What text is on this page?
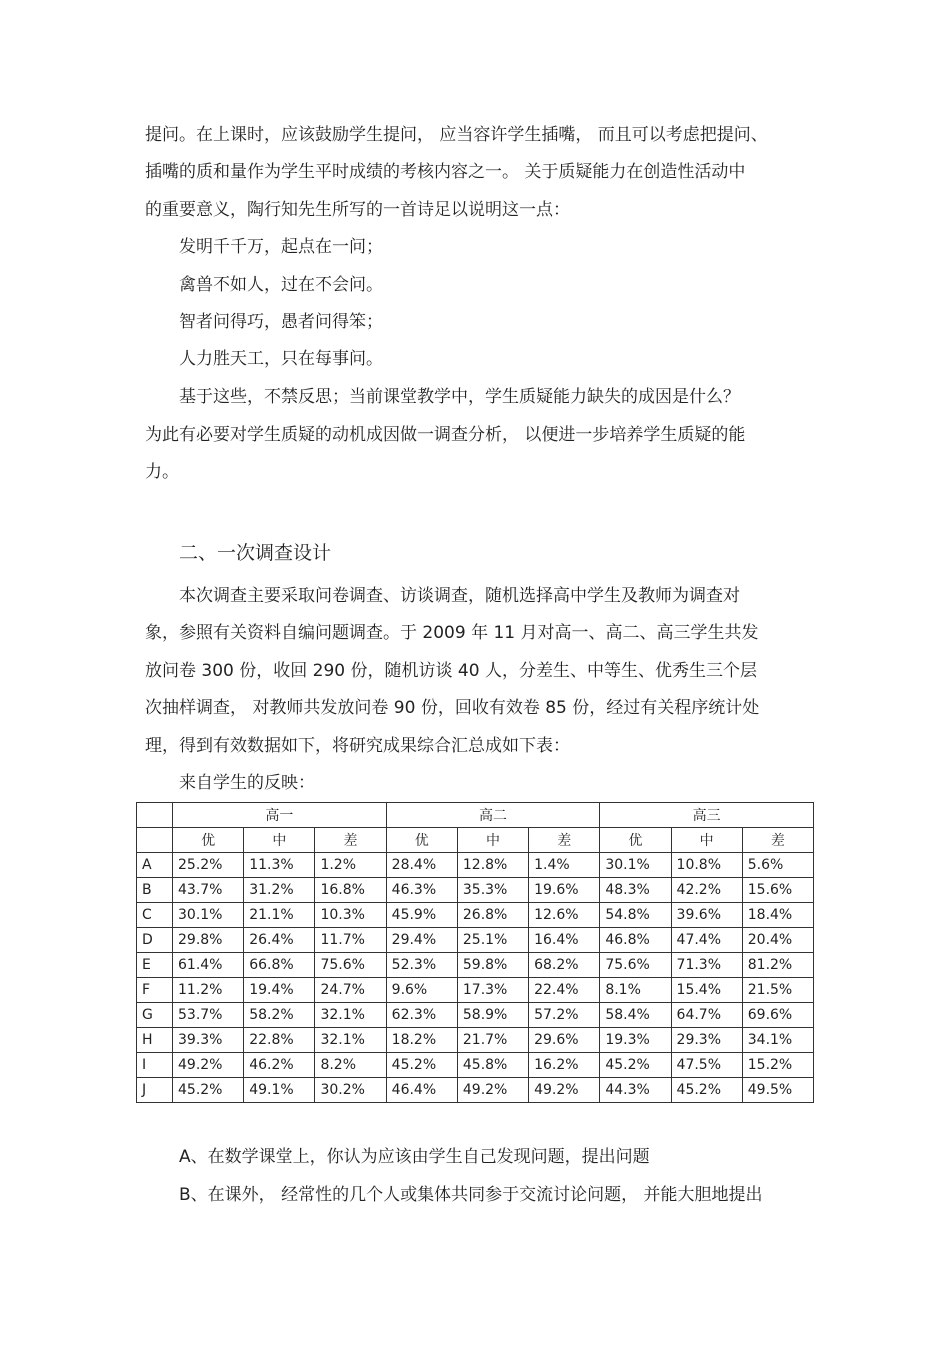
提问。在上课时，应该鼓励学生提问， 应当容许学生插嘴， 而且可以考虑把提问、
插嘴的质和量作为学生平时成绩的考核内容之一。 关于质疑能力在创造性活动中
的重要意义，陶行知先生所写的一首诗足以说明这一点：
发明千千万，起点在一问；
禽兽不如人，过在不会问。
智者问得巧，愚者问得笨；
人力胜天工，只在每事问。
基于这些，不禁反思；当前课堂教学中，学生质疑能力缺失的成因是什么？
为此有必要对学生质疑的动机成因做一调查分析， 以便进一步培养学生质疑的能
力。
二、一次调查设计
本次调查主要采取问卷调查、访谈调查，随机选择高中学生及教师为调查对
象，参照有关资料自编问题调查。于 2009 年 11 月对高一、高二、高三学生共发
放问卷 300 份，收回 290 份，随机访谈 40 人，分差生、中等生、优秀生三个层
次抽样调查， 对教师共发放问卷 90 份，回收有效卷 85 份，经过有关程序统计处
理，得到有效数据如下，将研究成果综合汇总成如下表：
来自学生的反映：
	高一			高二			高三		
	优	中	差	优	中	差	优	中	差
A	25.2%	11.3%	1.2%	28.4%	12.8%	1.4%	30.1%	10.8%	5.6%
B	43.7%	31.2%	16.8%	46.3%	35.3%	19.6%	48.3%	42.2%	15.6%
C	30.1%	21.1%	10.3%	45.9%	26.8%	12.6%	54.8%	39.6%	18.4%
D	29.8%	26.4%	11.7%	29.4%	25.1%	16.4%	46.8%	47.4%	20.4%
E	61.4%	66.8%	75.6%	52.3%	59.8%	68.2%	75.6%	71.3%	81.2%
F	11.2%	19.4%	24.7%	9.6%	17.3%	22.4%	8.1%	15.4%	21.5%
G	53.7%	58.2%	32.1%	62.3%	58.9%	57.2%	58.4%	64.7%	69.6%
H	39.3%	22.8%	32.1%	18.2%	21.7%	29.6%	19.3%	29.3%	34.1%
I	49.2%	46.2%	8.2%	45.2%	45.8%	16.2%	45.2%	47.5%	15.2%
J	45.2%	49.1%	30.2%	46.4%	49.2%	49.2%	44.3%	45.2%	49.5%
A、在数学课堂上，你认为应该由学生自己发现问题，提出问题
B、在课外， 经常性的几个人或集体共同参于交流讨论问题， 并能大胆地提出
